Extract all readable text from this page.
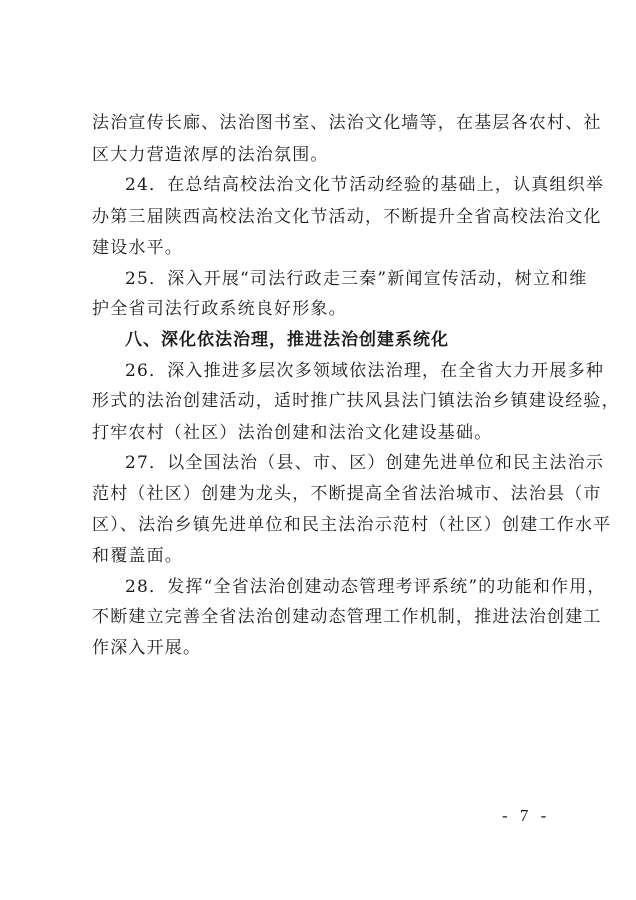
法治宣传长廊、法治图书室、法治文化墙等，在基层各农村、社
区大力营造浓厚的法治氛围。
24．在总结高校法治文化节活动经验的基础上，认真组织举
办第三届陕西高校法治文化节活动，不断提升全省高校法治文化
建设水平。
25．深入开展“司法行政走三秦”新闻宣传活动，树立和维
护全省司法行政系统良好形象。
八、深化依法治理，推进法治创建系统化
26．深入推进多层次多领域依法治理，在全省大力开展多种
形式的法治创建活动，适时推广扶风县法门镇法治乡镇建设经验，
打牢农村（社区）法治创建和法治文化建设基础。
27．以全国法治（县、市、区）创建先进单位和民主法治示
范村（社区）创建为龙头，不断提高全省法治城市、法治县（市
区）、法治乡镇先进单位和民主法治示范村（社区）创建工作水平
和覆盖面。
28．发挥“全省法治创建动态管理考评系统”的功能和作用，
不断建立完善全省法治创建动态管理工作机制，推进法治创建工
作深入开展。
- 7 -
